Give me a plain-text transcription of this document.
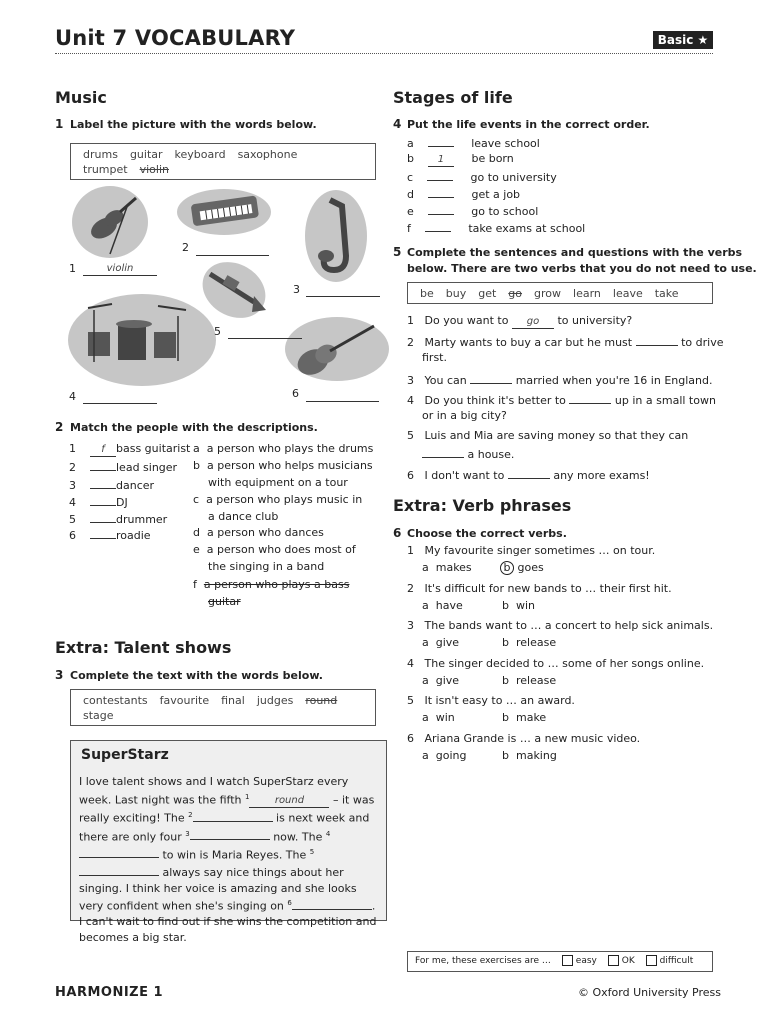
Unit 7 VOCABULARY	Basic ★
Music
1 Label the picture with the words below.
drums guitar keyboard saxophone
trumpet violin
1	violin
2
3
4
5
6
2 Match the people with the descriptions.
1	f bass guitarist
2	lead singer
3	dancer
4	DJ
5	drummer
6	roadie
a a person who plays the drums
b a person who helps musicians
with equipment on a tour
c a person who plays music in
a dance club
d a person who dances
e a person who does most of
the singing in a band
f a person who plays a bass
guitar
Extra: Talent shows
3 Complete the text with the words below.
contestants favourite final judges round
stage
SuperStarz
I love talent shows and I watch SuperStarz every week. Last night was the fifth $^1$	round – it was really exciting! The $^2$	is next week and there are only four $^3$	now. The $^4$ to win is Maria Reyes. The $^5$ always say nice things about her singing. I think her voice is amazing and she looks very confident when she's singing on $^6$	. I can't wait to find out if she wins the competition and becomes a big star.
Stages of life
4 Put the life events in the correct order.
a	leave school
b 1 be born
c	go to university
d	get a job
e	go to school
f	take exams at school
5 Complete the sentences and questions with the verbs
below. There are two verbs that you do not need to use.
be buy get go grow learn leave take
1 Do you want to go to university?
2 Marty wants to buy a car but he must	to drive
first.
3 You can	married when you're 16 in England.
4 Do you think it's better to	up in a small town
or in a big city?
5 Luis and Mia are saving money so that they can
a house.
6 I don't want to	any more exams!
Extra: Verb phrases
6 Choose the correct verbs.
1 My favourite singer sometimes … on tour.
a  makes	b goes
2 It's difficult for new bands to … their first hit.
a  have	b  win
3 The bands want to … a concert to help sick animals.
a  give	b  release
4 The singer decided to … some of her songs online.
a  give	b  release
5 It isn't easy to … an award.
a  win	b  make
6 Ariana Grande is … a new music video.
a  going	b  making
For me, these exercises are …	easy	OK	difficult
HARMONIZE 1	© Oxford University Press
